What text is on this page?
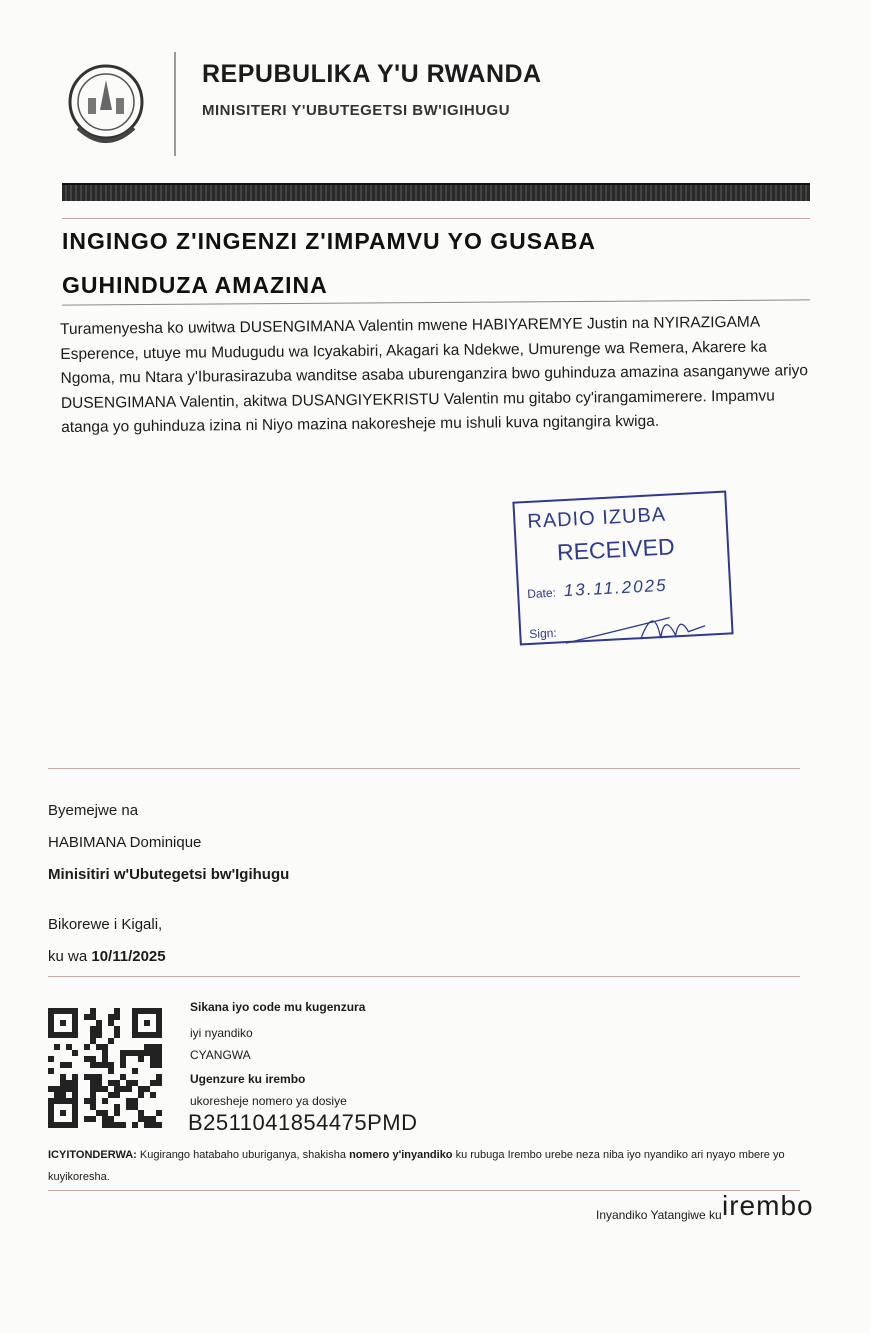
REPUBULIKA Y'U RWANDA
MINISITERI Y'UBUTEGETSI BW'IGIHUGU
INGINGO Z'INGENZI Z'IMPAMVU YO GUSABA
GUHINDUZA AMAZINA
Turamenyesha ko uwitwa DUSENGIMANA Valentin mwene HABIYAREMYE Justin na NYIRAZIGAMA Esperence, utuye mu Mudugudu wa Icyakabiri, Akagari ka Ndekwe, Umurenge wa Remera, Akarere ka Ngoma, mu Ntara y'Iburasirazuba wanditse asaba uburenganzira bwo guhinduza amazina asanganywe ariyo DUSENGIMANA Valentin, akitwa DUSANGIYEKRISTU Valentin mu gitabo cy'irangamimerere. Impamvu atanga yo guhinduza izina ni Niyo mazina nakoresheje mu ishuli kuva ngitangira kwiga.
RADIO IZUBA
RECEIVED
Date: 13.11.2025
Sign:
Byemejwe na
HABIMANA Dominique
Minisitiri w'Ubutegetsi bw'Igihugu
Bikorewe i Kigali,
ku wa 10/11/2025
Sikana iyo code mu kugenzura
iyi nyandiko
CYANGWA
Ugenzure ku irembo
ukoresheje nomero ya dosiye
B2511041854475PMD
ICYITONDERWA: Kugirango hatabaho uburiganya, shakisha nomero y'inyandiko ku rubuga Irembo urebe neza niba iyo nyandiko ari nyayo mbere yo kuyikoresha.
Inyandiko Yatangiwe ku irembo
